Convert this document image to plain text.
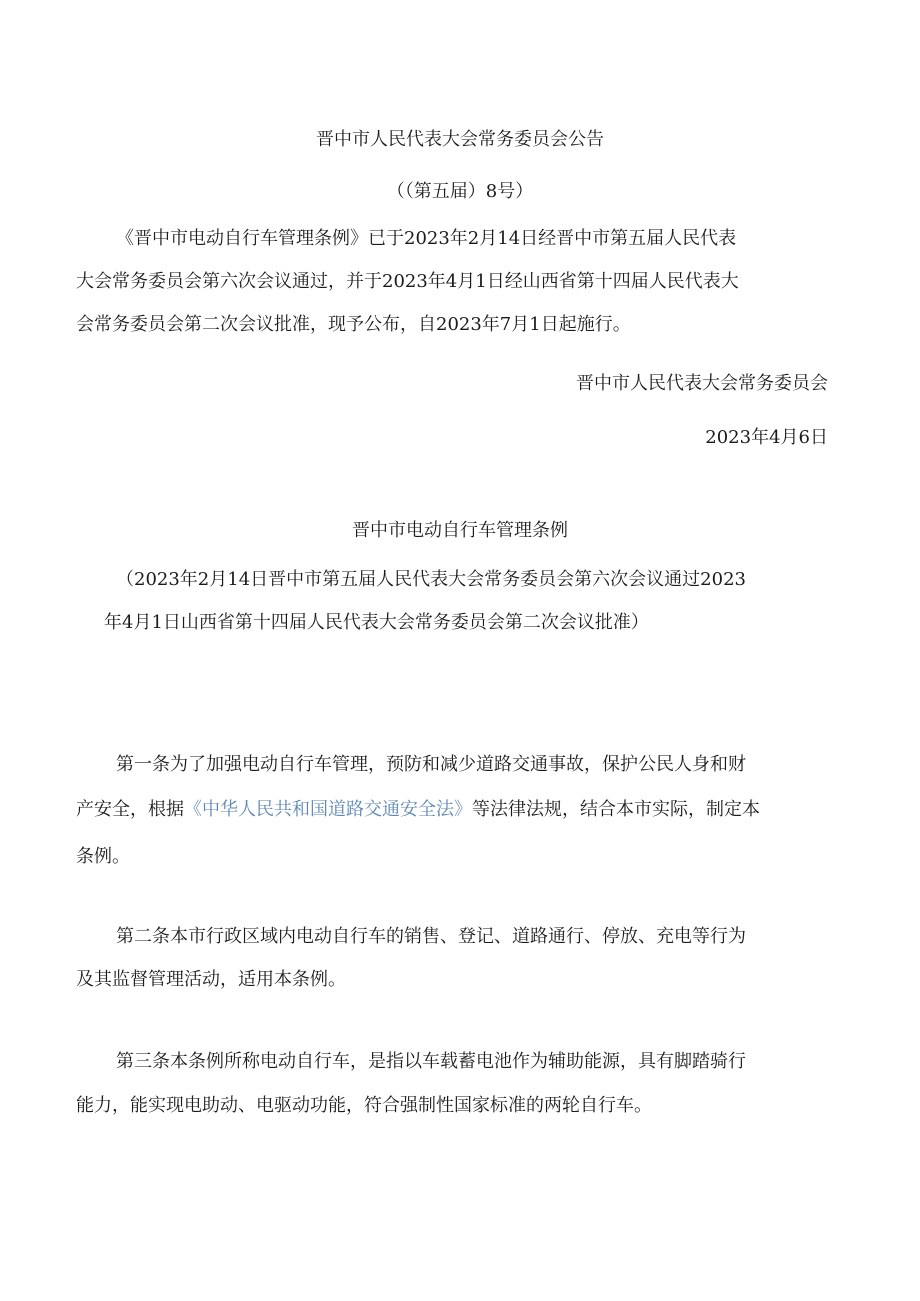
晋中市人民代表大会常务委员会公告
（（第五届）8号）
《晋中市电动自行车管理条例》已于2023年2月14日经晋中市第五届人民代表
大会常务委员会第六次会议通过，并于2023年4月1日经山西省第十四届人民代表大
会常务委员会第二次会议批准，现予公布，自2023年7月1日起施行。
晋中市人民代表大会常务委员会
2023年4月6日
晋中市电动自行车管理条例
（2023年2月14日晋中市第五届人民代表大会常务委员会第六次会议通过2023
年4月1日山西省第十四届人民代表大会常务委员会第二次会议批准）
第一条为了加强电动自行车管理，预防和减少道路交通事故，保护公民人身和财
产安全，根据《中华人民共和国道路交通安全法》等法律法规，结合本市实际，制定本
条例。
第二条本市行政区域内电动自行车的销售、登记、道路通行、停放、充电等行为
及其监督管理活动，适用本条例。
第三条本条例所称电动自行车，是指以车载蓄电池作为辅助能源，具有脚踏骑行
能力，能实现电助动、电驱动功能，符合强制性国家标准的两轮自行车。
